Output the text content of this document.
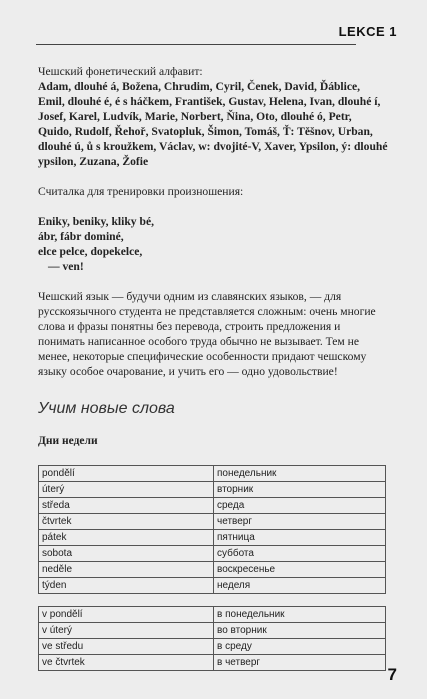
LEKCE 1

Чешский фонетический алфавит:

Adam, dlouhé á, Božena, Chrudim, Cyril, Čenek, David, Ďáblice, Emil, dlouhé é, é s háčkem, František, Gustav, Helena, Ivan, dlouhé í, Josef, Karel, Ludvík, Marie, Norbert, Ňina, Oto, dlouhé ó, Petr, Quido, Rudolf, Řehoř, Svatopluk, Šimon, Tomáš, Ť: Těšnov, Urban, dlouhé ú, ů s kroužkem, Václav, w: dvojité-V, Xaver, Ypsilon, ý: dlouhé ypsilon, Zuzana, Žofie

Считалка для тренировки произношения:

Eniky, beniky, kliky bé,
ábr, fábr dominé,
elce pelce, dopekelce,
— ven!

Чешский язык — будучи одним из славянских языков, — для русскоязычного студента не представляется сложным: очень многие слова и фразы понятны без перевода, строить предложения и понимать написанное особого труда обычно не вызывает. Тем не менее, некоторые специфические особенности придают чешскому языку особое очарование, и учить его — одно удовольствие!

Учим новые слова
Дни недели
pondělí	понедельник
úterý	вторник
středa	среда
čtvrtek	четверг
pátek	пятница
sobota	суббота
neděle	воскресенье
týden	неделя
v pondělí	в понедельник
v úterý	во вторник
ve středu	в среду
ve čtvrtek	в четверг
7
